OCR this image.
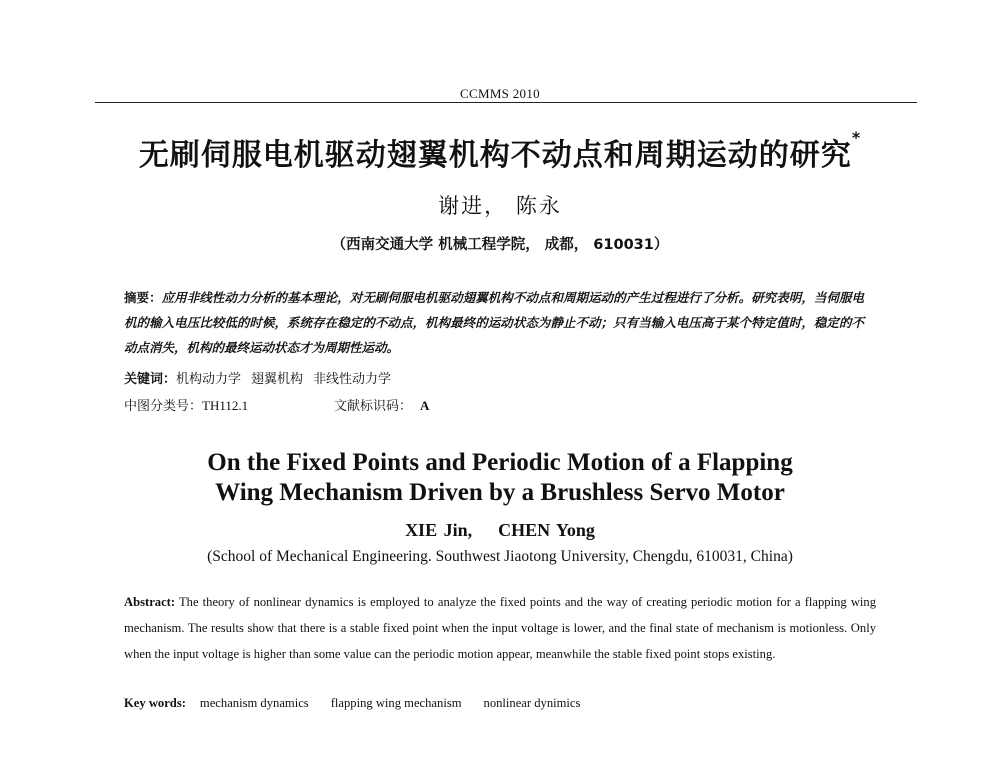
CCMMS 2010
无刷伺服电机驱动翅翼机构不动点和周期运动的研究*
谢进， 陈永
（西南交通大学 机械工程学院， 成都， 610031）
摘要：应用非线性动力分析的基本理论，对无刷伺服电机驱动翅翼机构不动点和周期运动的产生过程进行了分析。研究表明，当伺服电机的输入电压比较低的时候，系统存在稳定的不动点，机构最终的运动状态为静止不动；只有当输入电压高于某个特定值时，稳定的不动点消失，机构的最终运动状态才为周期性运动。
关键词：机构动力学 翅翼机构 非线性动力学
中图分类号：TH112.1	文献标识码： A
On the Fixed Points and Periodic Motion of a Flapping
Wing Mechanism Driven by a Brushless Servo Motor
XIE Jin,    CHEN Yong
(School of Mechanical Engineering. Southwest Jiaotong University, Chengdu, 610031, China)
Abstract: The theory of nonlinear dynamics is employed to analyze the fixed points and the way of creating periodic motion for a flapping wing mechanism. The results show that there is a stable fixed point when the input voltage is lower, and the final state of mechanism is motionless. Only when the input voltage is higher than some value can the periodic motion appear, meanwhile the stable fixed point stops existing.
Key words: mechanism dynamics flapping wing mechanism nonlinear dynimics
